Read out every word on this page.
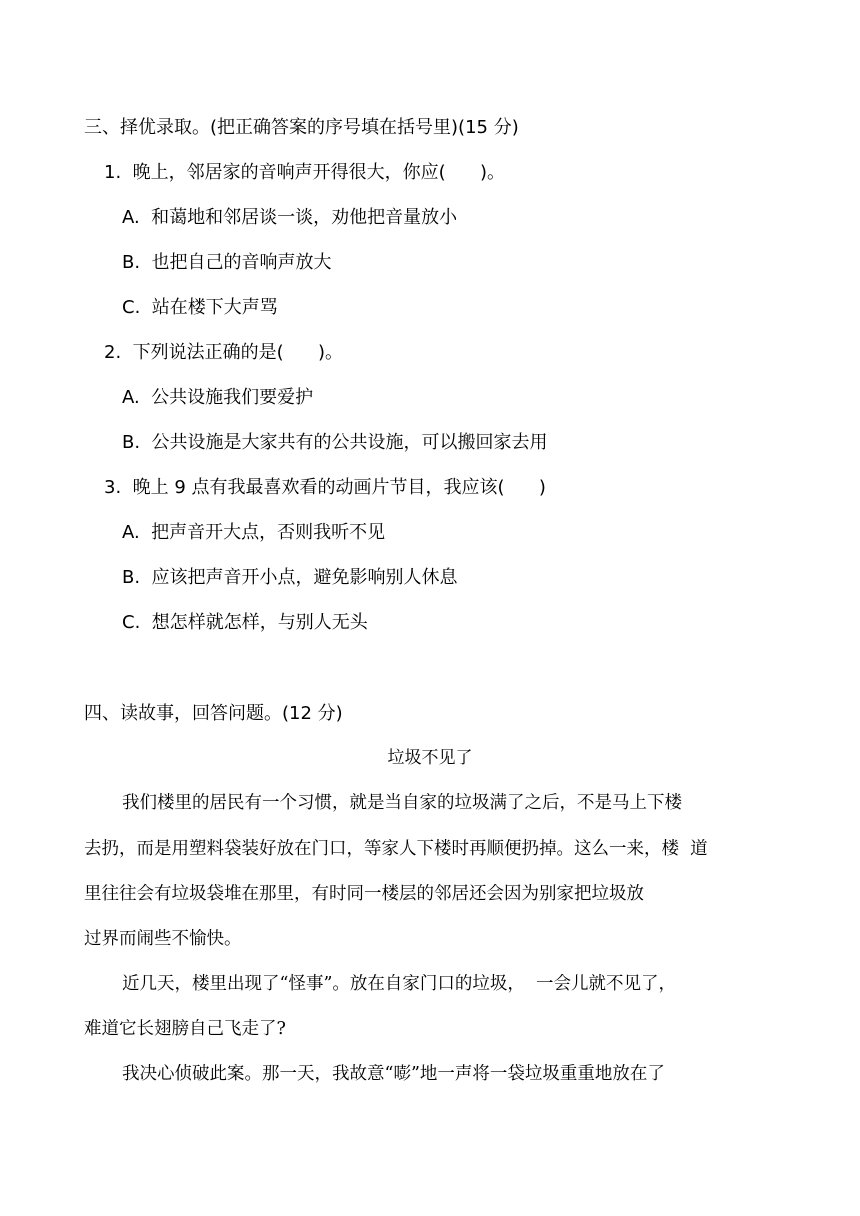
三、择优录取。(把正确答案的序号填在括号里)(15 分)
1.  晚上，邻居家的音响声开得很大，你应(      )。
A.  和蔼地和邻居谈一谈，劝他把音量放小
B.  也把自己的音响声放大
C.  站在楼下大声骂
2.  下列说法正确的是(      )。
A.  公共设施我们要爱护
B.  公共设施是大家共有的公共设施，可以搬回家去用
3.  晚上 9 点有我最喜欢看的动画片节目，我应该(      )
A.  把声音开大点，否则我听不见
B.  应该把声音开小点，避免影响别人休息
C.  想怎样就怎样，与别人无头
四、读故事，回答问题。(12 分)
垃圾不见了
我们楼里的居民有一个习惯，就是当自家的垃圾满了之后，不是马上下楼
去扔，而是用塑料袋装好放在门口，等家人下楼时再顺便扔掉。这么一来，楼  道
里往往会有垃圾袋堆在那里，有时同一楼层的邻居还会因为别家把垃圾放
过界而闹些不愉快。
近几天，楼里出现了“怪事”。放在自家门口的垃圾，  一会儿就不见了，
难道它长翅膀自己飞走了?
我决心侦破此案。那一天，我故意“嘭”地一声将一袋垃圾重重地放在了
